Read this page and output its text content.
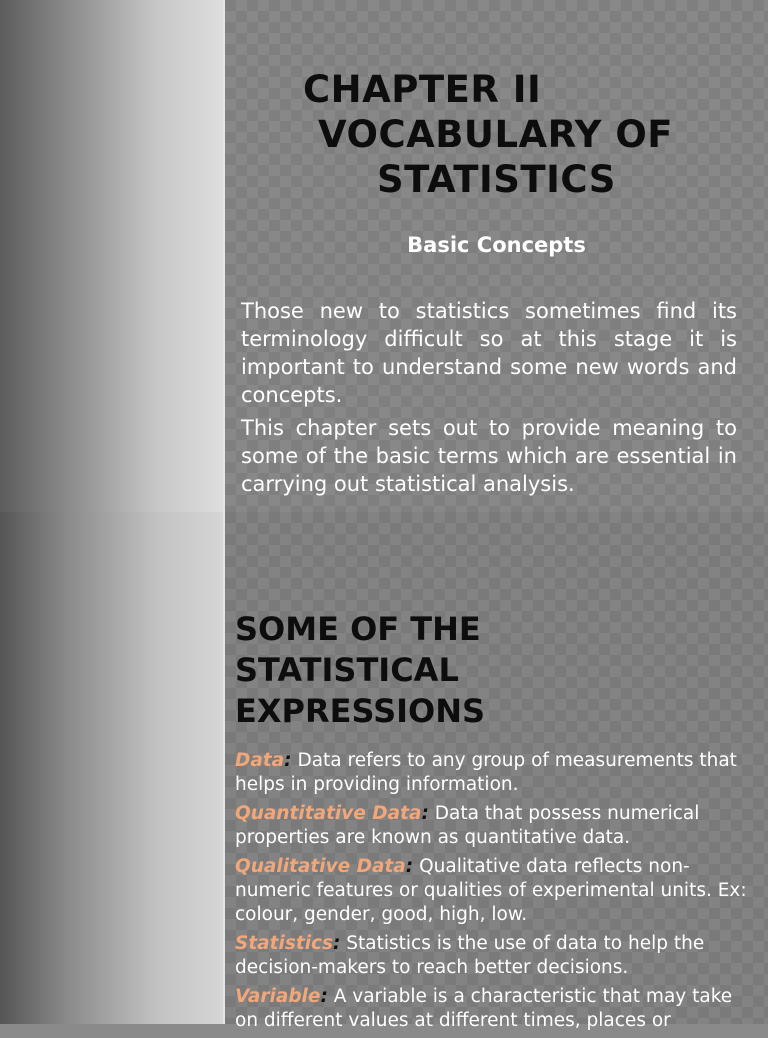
CHAPTER II
VOCABULARY OF
STATISTICS
Basic Concepts

Those new to statistics sometimes find its terminology difficult so at this stage it is important to understand some new words and concepts.

This chapter sets out to provide meaning to some of the basic terms which are essential in carrying out statistical analysis.

SOME OF THE
STATISTICAL
EXPRESSIONS

Data: Data refers to any group of measurements that helps in providing information.

Quantitative Data: Data that possess numerical properties are known as quantitative data.

Qualitative Data: Qualitative data reflects non-numeric features or qualities of experimental units. Ex: colour, gender, good, high, low.

Statistics: Statistics is the use of data to help the decision-makers to reach better decisions.

Variable: A variable is a characteristic that may take on different values at different times, places or
